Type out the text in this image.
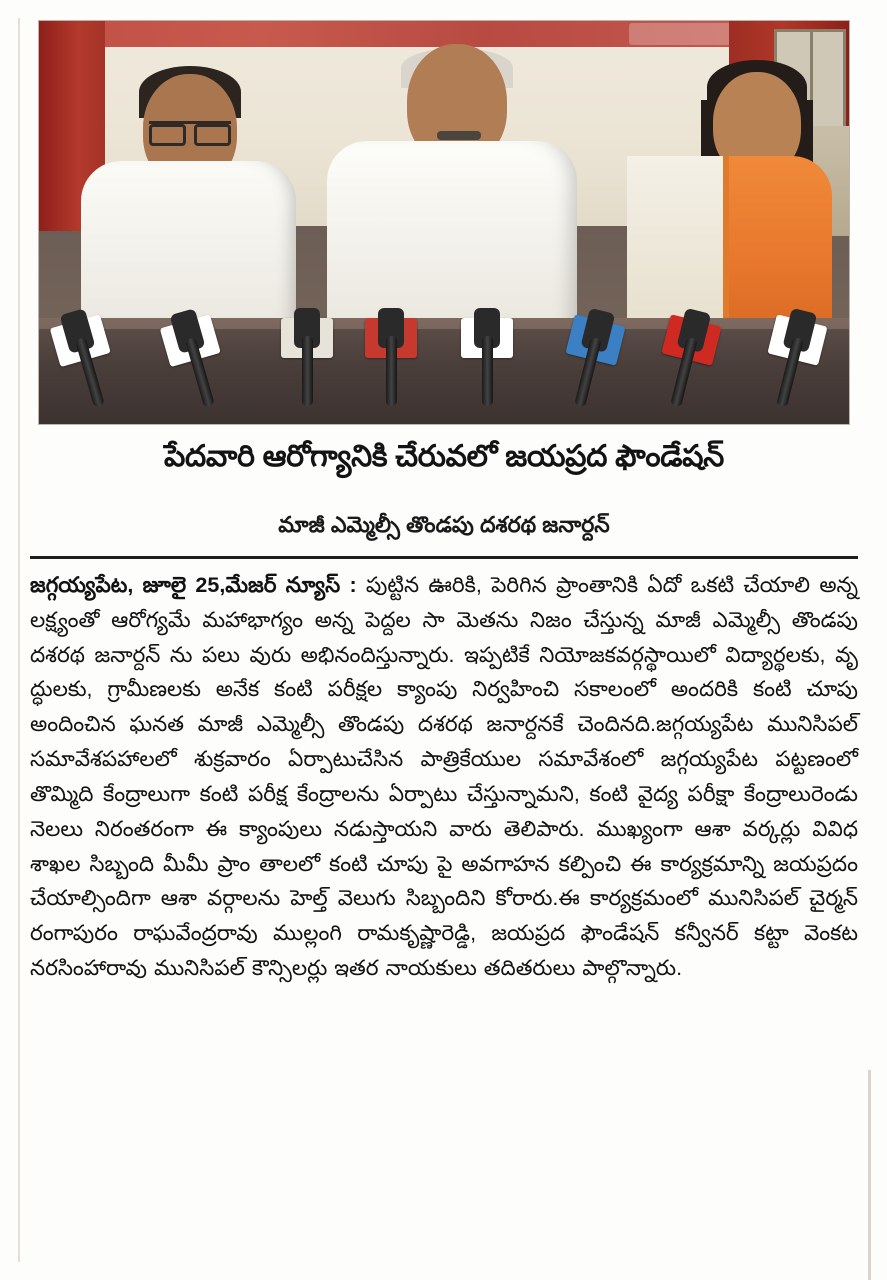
పేదవారి ఆరోగ్యానికి చేరువలో జయప్రద ఫౌండేషన్
మాజీ ఎమ్మెల్సీ తొండపు దశరథ జనార్దన్
జగ్గయ్యపేట, జూలై 25,మేజర్ న్యూస్ : పుట్టిన ఊరికి, పెరిగిన ప్రాంతానికి ఏదో ఒకటి చేయాలి అన్న లక్ష్యంతో ఆరోగ్యమే మహాభాగ్యం అన్న పెద్దల సా మెతను నిజం చేస్తున్న మాజీ ఎమ్మెల్సీ తొండపు దశరథ జనార్దన్ ను పలు వురు అభినందిస్తున్నారు. ఇప్పటికే నియోజకవర్గస్థాయిలో విద్యార్థలకు, వృ ద్ధులకు, గ్రామీణలకు అనేక కంటి పరీక్షల క్యాంపు నిర్వహించి సకాలంలో అందరికి కంటి చూపు అందించిన ఘనత మాజీ ఎమ్మెల్సీ తొండపు దశరథ జనార్దనకే చెందినది.జగ్గయ్యపేట మునిసిపల్ సమావేశపహాలలో శుక్రవారం ఏర్పాటుచేసిన పాత్రికేయుల సమావేశంలో జగ్గయ్యపేట పట్టణంలో తొమ్మిది కేంద్రాలుగా కంటి పరీక్ష కేంద్రాలను ఏర్పాటు చేస్తున్నామని, కంటి వైద్య పరీక్షా కేంద్రాలురెండు నెలలు నిరంతరంగా ఈ క్యాంపులు నడుస్తాయని వారు తెలిపారు. ముఖ్యంగా ఆశా వర్కర్లు వివిధ శాఖల సిబ్బంది మీమీ ప్రాం తాలలో కంటి చూపు పై అవగాహన కల్పించి ఈ కార్యక్రమాన్ని జయప్రదం చేయాల్సిందిగా ఆశా వర్గాలను హెల్త్ వెలుగు సిబ్బందిని కోరారు.ఈ కార్యక్రమంలో మునిసిపల్ చైర్మన్ రంగాపురం రాఘవేంద్రరావు ముల్లంగి రామకృష్ణారెడ్డి, జయప్రద ఫౌండేషన్ కన్వీనర్ కట్టా వెంకట నరసింహారావు మునిసిపల్ కౌన్సిలర్లు ఇతర నాయకులు తదితరులు పాల్గొన్నారు.
